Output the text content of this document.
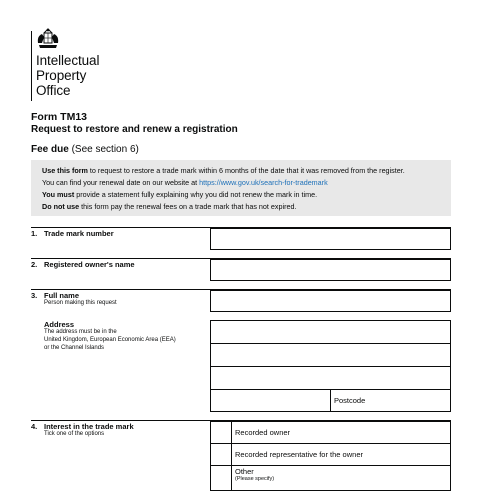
Intellectual
Property
Office
Form TM13
Request to restore and renew a registration
Fee due (See section 6)
Use this form to request to restore a trade mark within 6 months of the date that it was removed from the register.
You can find your renewal date on our website at https://www.gov.uk/search-for-trademark
You must provide a statement fully explaining why you did not renew the mark in time.
Do not use this form pay the renewal fees on a trade mark that has not expired.
1. Trade mark number
2. Registered owner's name
3. Full name
Person making this request
Address
The address must be in the
United Kingdom, European Economic Area (EEA)
or the Channel Islands
Postcode
4. Interest in the trade mark
Tick one of the options	Recorded owner
Recorded representative for the owner
Other
(Please specify)
